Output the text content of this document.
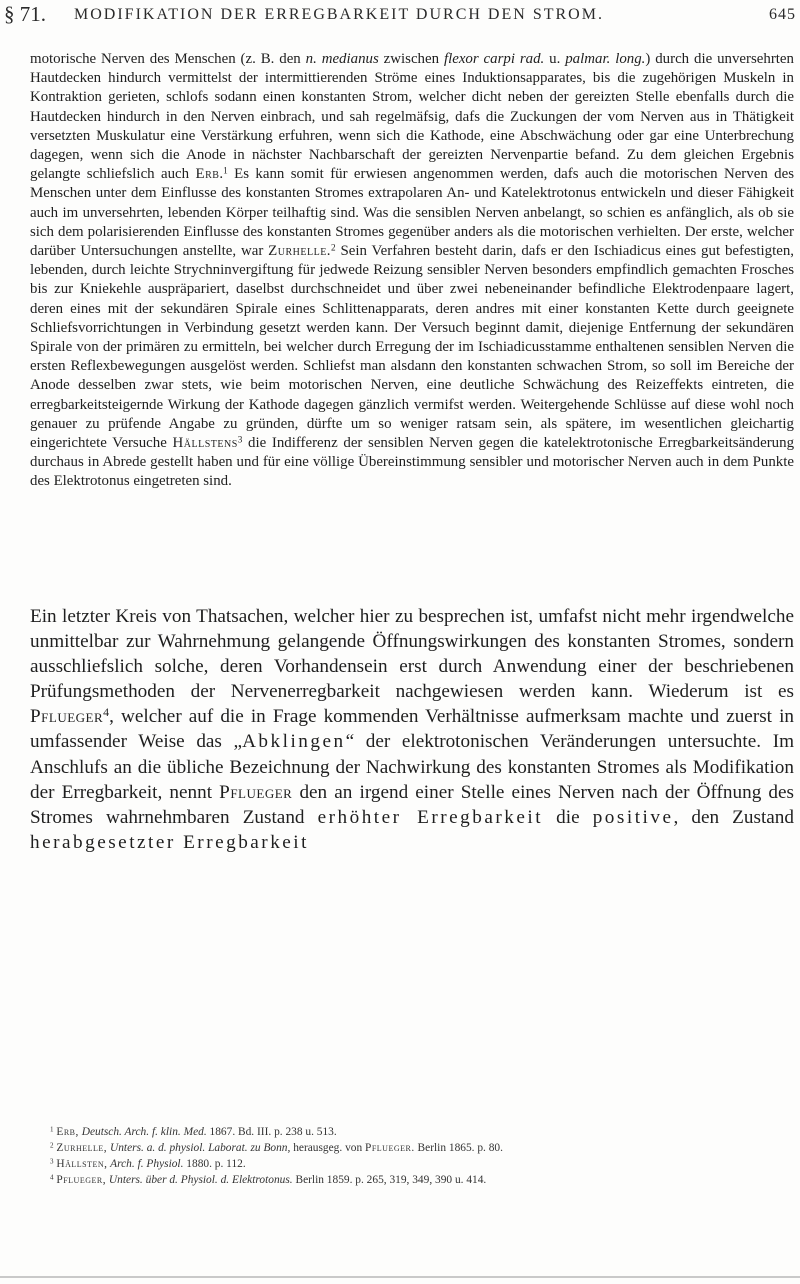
§ 71. MODIFIKATION DER ERREGBARKEIT DURCH DEN STROM.	645

motorische Nerven des Menschen (z. B. den n. medianus zwischen flexor carpi rad. u. palmar. long.) durch die unversehrten Hautdecken hindurch vermittelst der intermittierenden Ströme eines Induktionsapparates, bis die zugehörigen Muskeln in Kontraktion gerieten, schlofs sodann einen konstanten Strom, welcher dicht neben der gereizten Stelle ebenfalls durch die Hautdecken hindurch in den Nerven einbrach, und sah regelmäfsig, dafs die Zuckungen der vom Nerven aus in Thätigkeit versetzten Muskulatur eine Verstärkung erfuhren, wenn sich die Kathode, eine Abschwächung oder gar eine Unterbrechung dagegen, wenn sich die Anode in nächster Nachbarschaft der gereizten Nervenpartie befand. Zu dem gleichen Ergebnis gelangte schliefslich auch Erb.$^1$ Es kann somit für erwiesen angenommen werden, dafs auch die motorischen Nerven des Menschen unter dem Einflusse des konstanten Stromes extrapolaren An- und Katelektrotonus entwickeln und dieser Fähigkeit auch im unversehrten, lebenden Körper teilhaftig sind. Was die sensiblen Nerven anbelangt, so schien es anfänglich, als ob sie sich dem polarisierenden Einflusse des konstanten Stromes gegenüber anders als die motorischen verhielten. Der erste, welcher darüber Untersuchungen anstellte, war Zurhelle.$^2$ Sein Verfahren besteht darin, dafs er den Ischiadicus eines gut befestigten, lebenden, durch leichte Strychninvergiftung für jedwede Reizung sensibler Nerven besonders empfindlich gemachten Frosches bis zur Kniekehle auspräpariert, daselbst durchschneidet und über zwei nebeneinander befindliche Elektrodenpaare lagert, deren eines mit der sekundären Spirale eines Schlittenapparats, deren andres mit einer konstanten Kette durch geeignete Schliefsvorrichtungen in Verbindung gesetzt werden kann. Der Versuch beginnt damit, diejenige Entfernung der sekundären Spirale von der primären zu ermitteln, bei welcher durch Erregung der im Ischiadicusstamme enthaltenen sensiblen Nerven die ersten Reflexbewegungen ausgelöst werden. Schliefst man alsdann den konstanten schwachen Strom, so soll im Bereiche der Anode desselben zwar stets, wie beim motorischen Nerven, eine deutliche Schwächung des Reizeffekts eintreten, die erregbarkeitsteigernde Wirkung der Kathode dagegen gänzlich vermifst werden. Weitergehende Schlüsse auf diese wohl noch genauer zu prüfende Angabe zu gründen, dürfte um so weniger ratsam sein, als spätere, im wesentlichen gleichartig eingerichtete Versuche Hällstens$^3$ die Indifferenz der sensiblen Nerven gegen die katelektrotonische Erregbarkeitsänderung durchaus in Abrede gestellt haben und für eine völlige Übereinstimmung sensibler und motorischer Nerven auch in dem Punkte des Elektrotonus eingetreten sind.

Ein letzter Kreis von Thatsachen, welcher hier zu besprechen ist, umfafst nicht mehr irgendwelche unmittelbar zur Wahrnehmung gelangende Öffnungswirkungen des konstanten Stromes, sondern ausschliefslich solche, deren Vorhandensein erst durch Anwendung einer der beschriebenen Prüfungsmethoden der Nervenerregbarkeit nachgewiesen werden kann. Wiederum ist es Pflueger$^4$, welcher auf die in Frage kommenden Verhältnisse aufmerksam machte und zuerst in umfassender Weise das „Abklingen“ der elektrotonischen Veränderungen untersuchte. Im Anschlufs an die übliche Bezeichnung der Nachwirkung des konstanten Stromes als Modifikation der Erregbarkeit, nennt Pflueger den an irgend einer Stelle eines Nerven nach der Öffnung des Stromes wahrnehmbaren Zustand erhöhter Erregbarkeit die positive, den Zustand herabgesetzter Erregbarkeit

$^1$ Erb, Deutsch. Arch. f. klin. Med. 1867. Bd. III. p. 238 u. 513.

$^2$ Zurhelle, Unters. a. d. physiol. Laborat. zu Bonn, herausgeg. von Pflueger. Berlin 1865. p. 80.

$^3$ Hällsten, Arch. f. Physiol. 1880. p. 112.

$^4$ Pflueger, Unters. über d. Physiol. d. Elektrotonus. Berlin 1859. p. 265, 319, 349, 390 u. 414.
